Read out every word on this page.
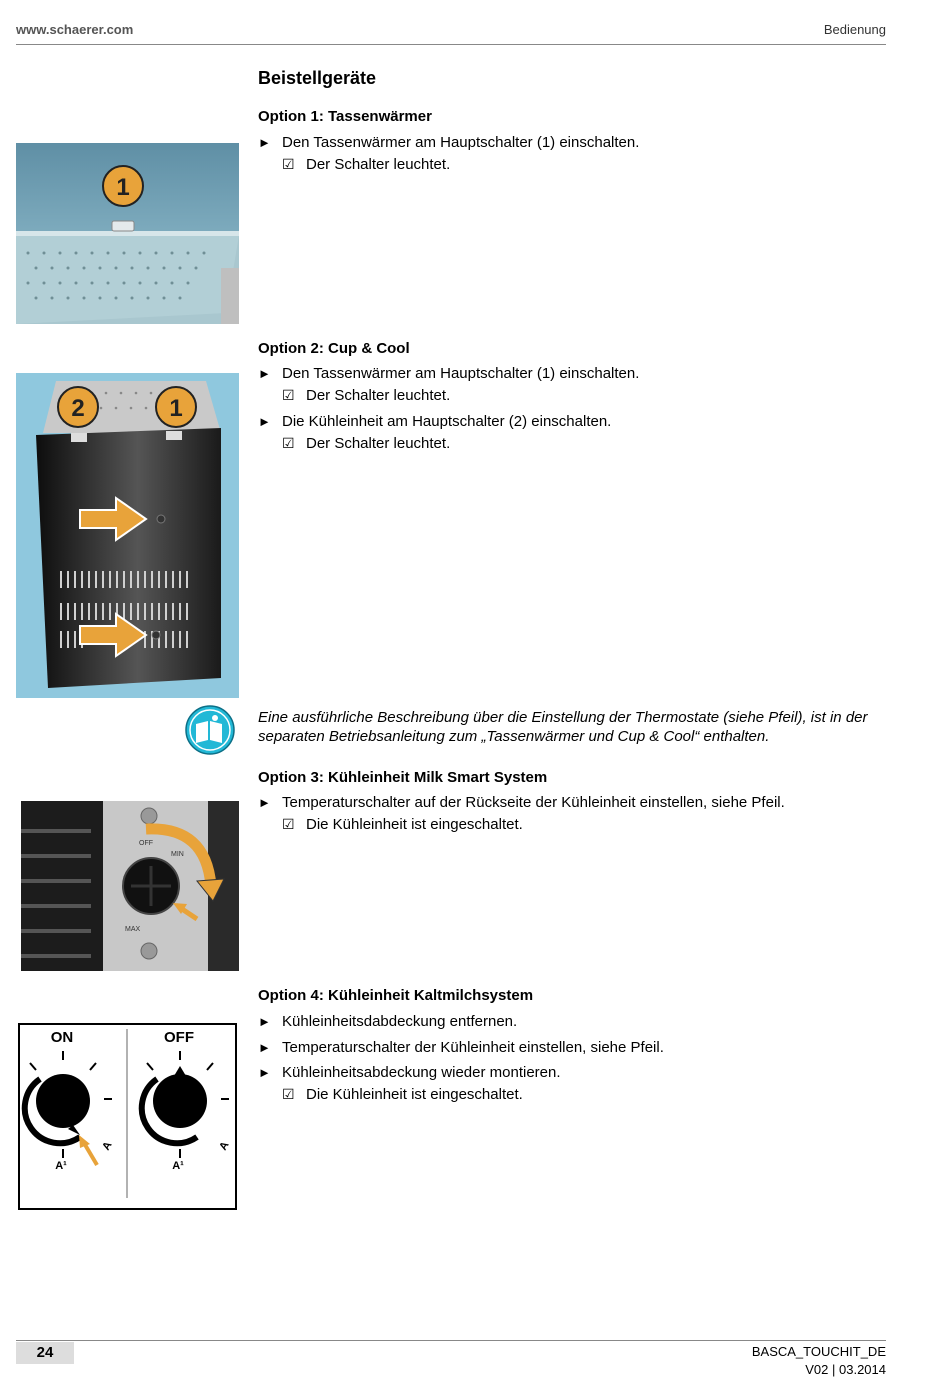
www.schaerer.com	Bedienung
Beistellgeräte
Option 1: Tassenwärmer
► Den Tassenwärmer am Hauptschalter (1) einschalten.
☑ Der Schalter leuchtet.
1
Option 2: Cup & Cool
► Den Tassenwärmer am Hauptschalter (1) einschalten.
☑ Der Schalter leuchtet.
► Die Kühleinheit am Hauptschalter (2) einschalten.
☑ Der Schalter leuchtet.
2	1
Eine ausführliche Beschreibung über die Einstellung der Thermostate (siehe Pfeil), ist in der separaten Betriebsanleitung zum „Tassenwärmer und Cup & Cool“ enthalten.
Option 3: Kühleinheit Milk Smart System
► Temperaturschalter auf der Rückseite der Kühleinheit einstellen, siehe Pfeil.
☑ Die Kühleinheit ist eingeschaltet.
OFF
MIN
MAX
Option 4: Kühleinheit Kaltmilchsystem
► Kühleinheitsdabdeckung entfernen.
► Temperaturschalter der Kühleinheit einstellen, siehe Pfeil.
► Kühleinheitsabdeckung wieder montieren.
☑ Die Kühleinheit ist eingeschaltet.
ON	OFF
A¹
A
A¹
A
24	BASCA_TOUCHIT_DE
V02 | 03.2014
